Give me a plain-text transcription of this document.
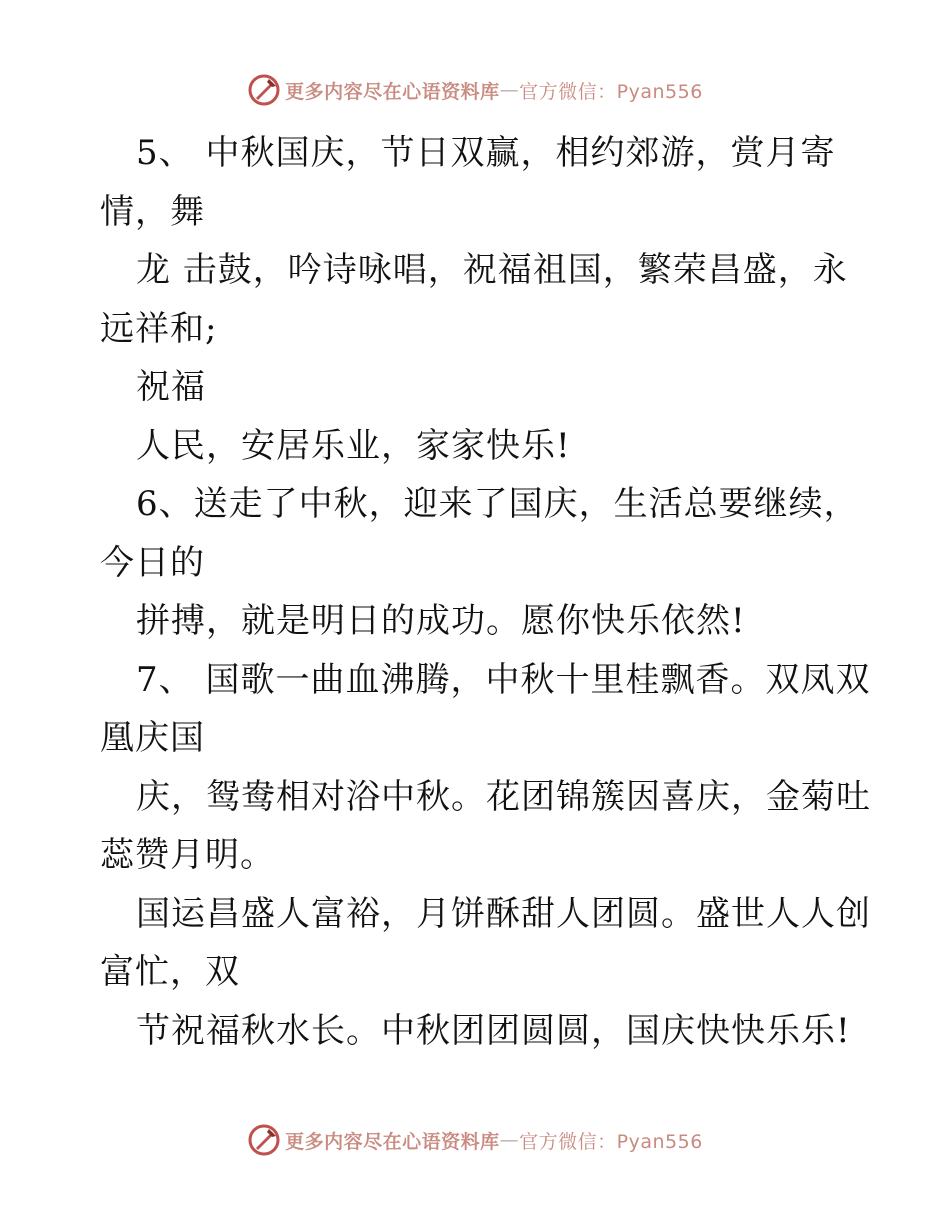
更多内容尽在心语资料库 — 官方微信：Pyan556
5、 中秋国庆，节日双赢，相约郊游，赏月寄
情，舞
龙 击鼓，吟诗咏唱，祝福祖国，繁荣昌盛，永
远祥和;
祝福
人民，安居乐业，家家快乐!
6、送走了中秋，迎来了国庆，生活总要继续，
今日的
拼搏，就是明日的成功。愿你快乐依然!
7、 国歌一曲血沸腾，中秋十里桂飘香。双凤双
凰庆国
庆，鸳鸯相对浴中秋。花团锦簇因喜庆，金菊吐
蕊赞月明。
国运昌盛人富裕，月饼酥甜人团圆。盛世人人创
富忙，双
节祝福秋水长。中秋团团圆圆，国庆快快乐乐!
更多内容尽在心语资料库 — 官方微信：Pyan556
